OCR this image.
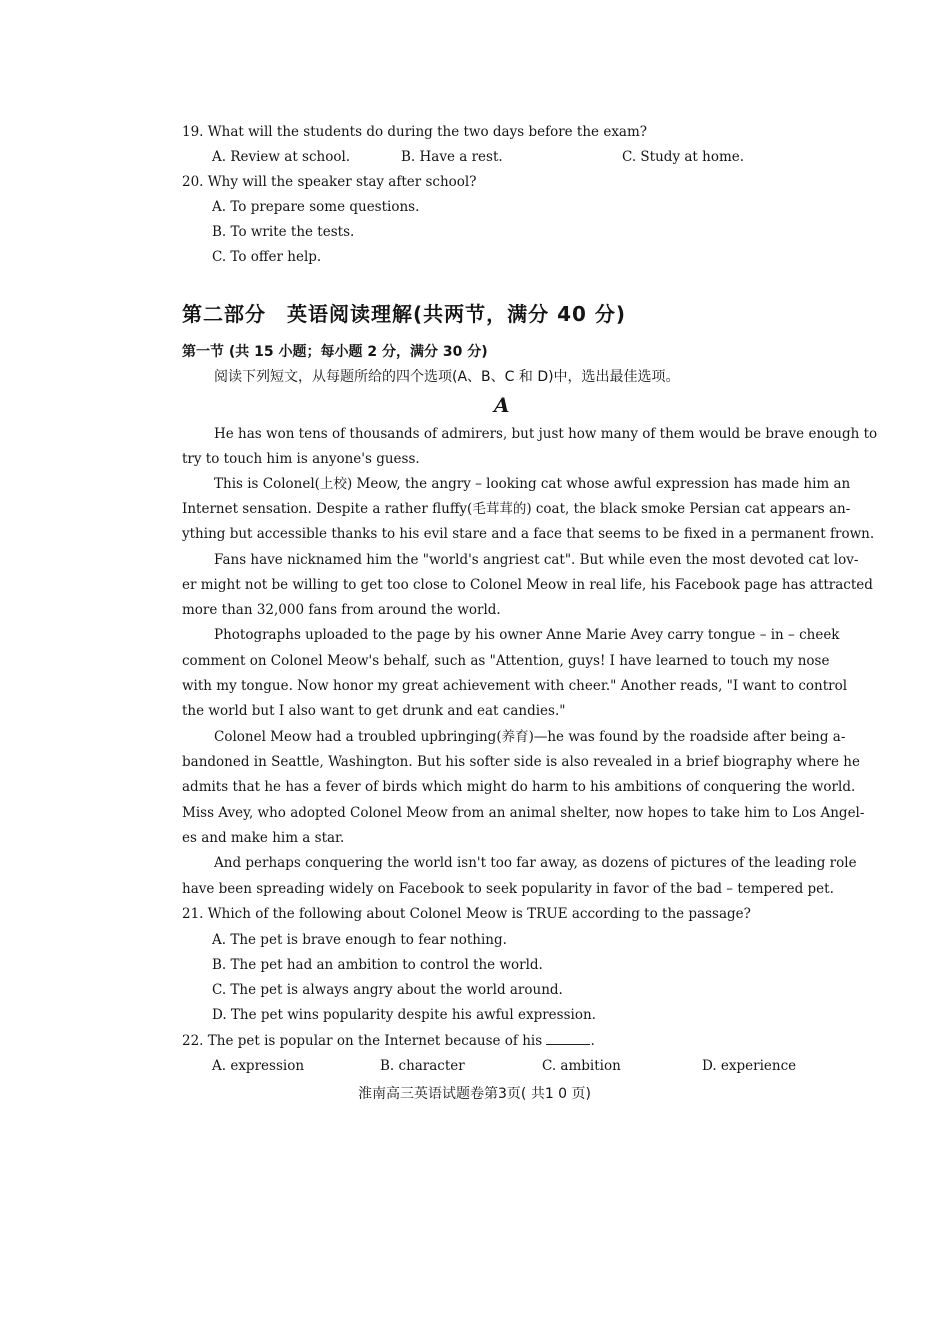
19. What will the students do during the two days before the exam?
A. Review at school.	B. Have a rest.	C. Study at home.
20. Why will the speaker stay after school?
A. To prepare some questions.
B. To write the tests.
C. To offer help.
第二部分　英语阅读理解(共两节，满分 40 分)
第一节 (共 15 小题；每小题 2 分，满分 30 分)
阅读下列短文，从每题所给的四个选项(A、B、C 和 D)中，选出最佳选项。
A
He has won tens of thousands of admirers, but just how many of them would be brave enough to
try to touch him is anyone's guess.
This is Colonel(上校) Meow, the angry – looking cat whose awful expression has made him an
Internet sensation. Despite a rather fluffy(毛茸茸的) coat, the black smoke Persian cat appears an-
ything but accessible thanks to his evil stare and a face that seems to be fixed in a permanent frown.
Fans have nicknamed him the "world's angriest cat". But while even the most devoted cat lov-
er might not be willing to get too close to Colonel Meow in real life, his Facebook page has attracted
more than 32,000 fans from around the world.
Photographs uploaded to the page by his owner Anne Marie Avey carry tongue – in – cheek
comment on Colonel Meow's behalf, such as "Attention, guys! I have learned to touch my nose
with my tongue. Now honor my great achievement with cheer." Another reads, "I want to control
the world but I also want to get drunk and eat candies."
Colonel Meow had a troubled upbringing(养育)—he was found by the roadside after being a-
bandoned in Seattle, Washington. But his softer side is also revealed in a brief biography where he
admits that he has a fever of birds which might do harm to his ambitions of conquering the world.
Miss Avey, who adopted Colonel Meow from an animal shelter, now hopes to take him to Los Angel-
es and make him a star.
And perhaps conquering the world isn't too far away, as dozens of pictures of the leading role
have been spreading widely on Facebook to seek popularity in favor of the bad – tempered pet.
21. Which of the following about Colonel Meow is TRUE according to the passage?
A. The pet is brave enough to fear nothing.
B. The pet had an ambition to control the world.
C. The pet is always angry about the world around.
D. The pet wins popularity despite his awful expression.
22. The pet is popular on the Internet because of his	.
A. expression	B. character	C. ambition	D. experience
淮南高三英语试题卷第3页( 共1 0 页)
